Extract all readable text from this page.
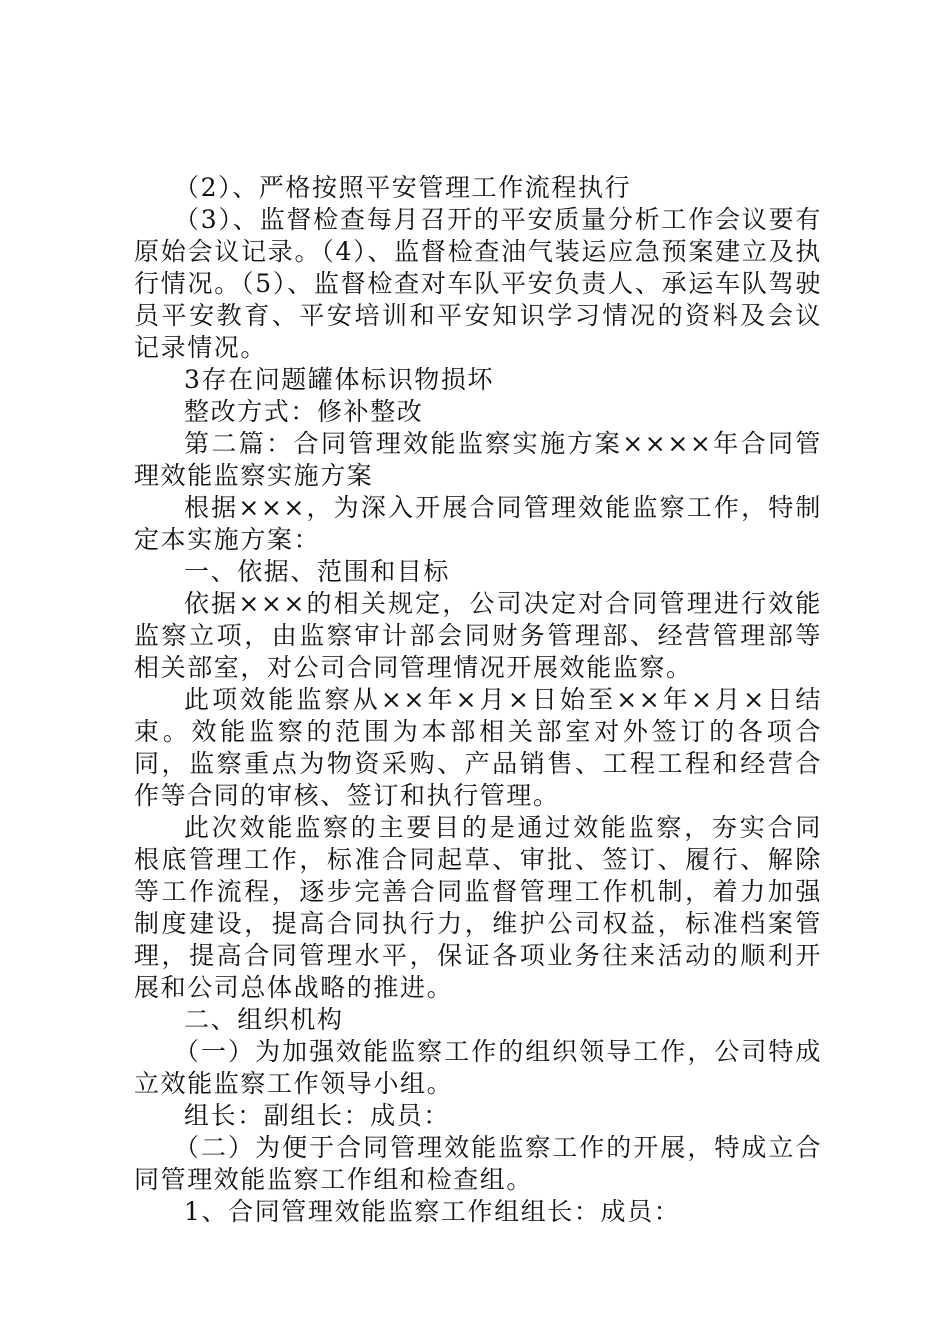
（2）、严格按照平安管理工作流程执行

（3）、监督检查每月召开的平安质量分析工作会议要有原始会议记录。（4）、监督检查油气装运应急预案建立及执行情况。（5）、监督检查对车队平安负责人、承运车队驾驶员平安教育、平安培训和平安知识学习情况的资料及会议记录情况。

3存在问题罐体标识物损坏

整改方式：修补整改

第二篇：合同管理效能监察实施方案××××年合同管理效能监察实施方案

根据×××，为深入开展合同管理效能监察工作，特制定本实施方案：

一、依据、范围和目标

依据×××的相关规定，公司决定对合同管理进行效能监察立项，由监察审计部会同财务管理部、经营管理部等相关部室，对公司合同管理情况开展效能监察。

此项效能监察从××年×月×日始至××年×月×日结束。效能监察的范围为本部相关部室对外签订的各项合同，监察重点为物资采购、产品销售、工程工程和经营合作等合同的审核、签订和执行管理。

此次效能监察的主要目的是通过效能监察，夯实合同根底管理工作，标准合同起草、审批、签订、履行、解除等工作流程，逐步完善合同监督管理工作机制，着力加强制度建设，提高合同执行力，维护公司权益，标准档案管理，提高合同管理水平，保证各项业务往来活动的顺利开展和公司总体战略的推进。

二、组织机构

（一）为加强效能监察工作的组织领导工作，公司特成立效能监察工作领导小组。

组长：副组长：成员：

（二）为便于合同管理效能监察工作的开展，特成立合同管理效能监察工作组和检查组。

1、合同管理效能监察工作组组长：成员：
